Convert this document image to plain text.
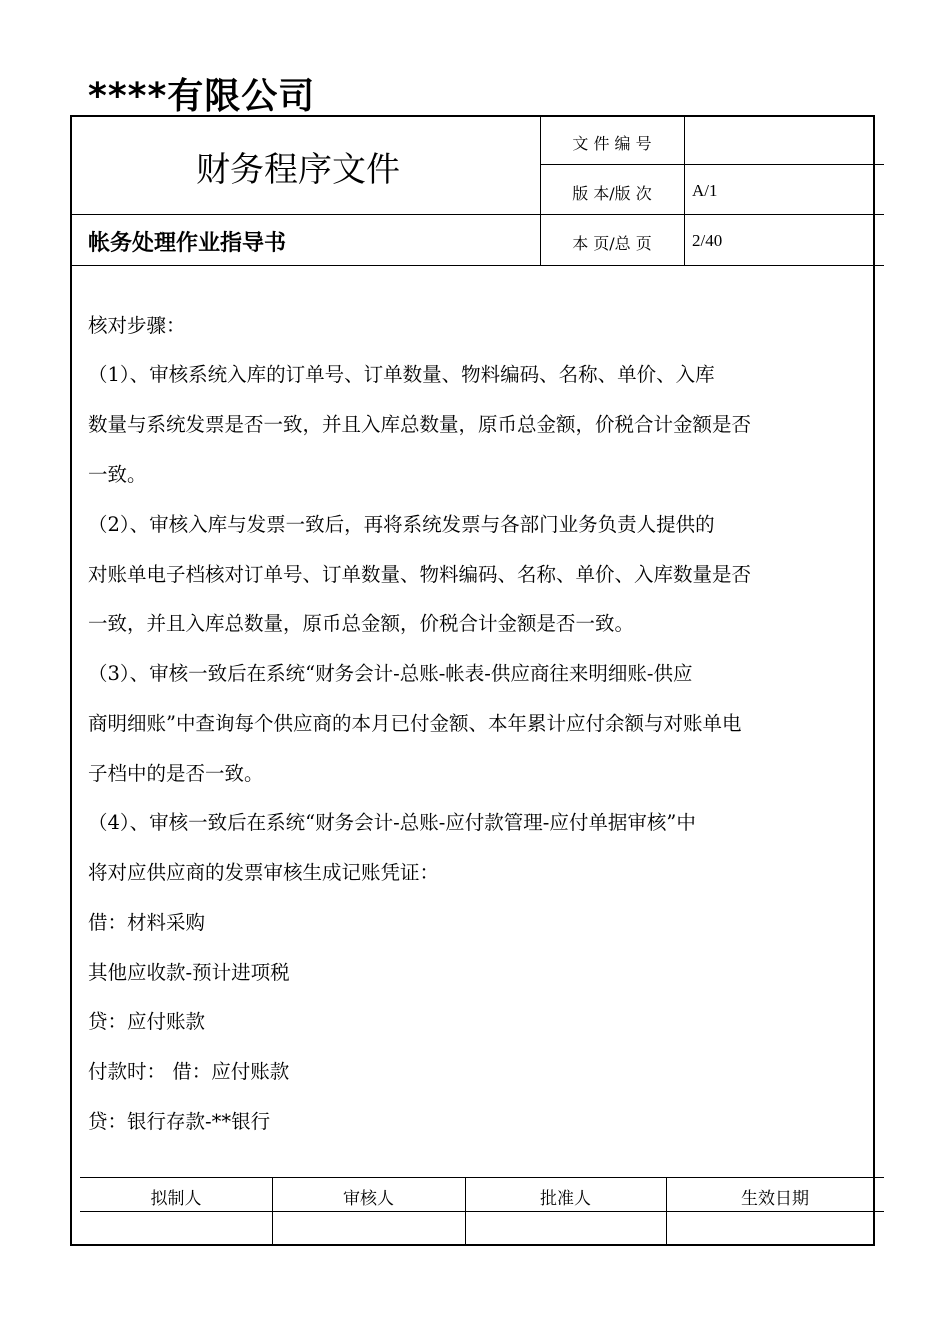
****有限公司
财务程序文件
帐务处理作业指导书
文 件 编 号
版 本/版 次	A/1
本 页/总 页	2/40
核对步骤：
（1）、审核系统入库的订单号、订单数量、物料编码、名称、单价、入库
数量与系统发票是否一致，并且入库总数量，原币总金额，价税合计金额是否
一致。
（2）、审核入库与发票一致后，再将系统发票与各部门业务负责人提供的
对账单电子档核对订单号、订单数量、物料编码、名称、单价、入库数量是否
一致，并且入库总数量，原币总金额，价税合计金额是否一致。
（3）、审核一致后在系统“财务会计-总账-帐表-供应商往来明细账-供应
商明细账”中查询每个供应商的本月已付金额、本年累计应付余额与对账单电
子档中的是否一致。
（4）、审核一致后在系统“财务会计-总账-应付款管理-应付单据审核”中
将对应供应商的发票审核生成记账凭证：
借：材料采购
其他应收款-预计进项税
贷：应付账款
付款时： 借：应付账款
贷：银行存款-**银行
拟制人	审核人	批准人	生效日期
